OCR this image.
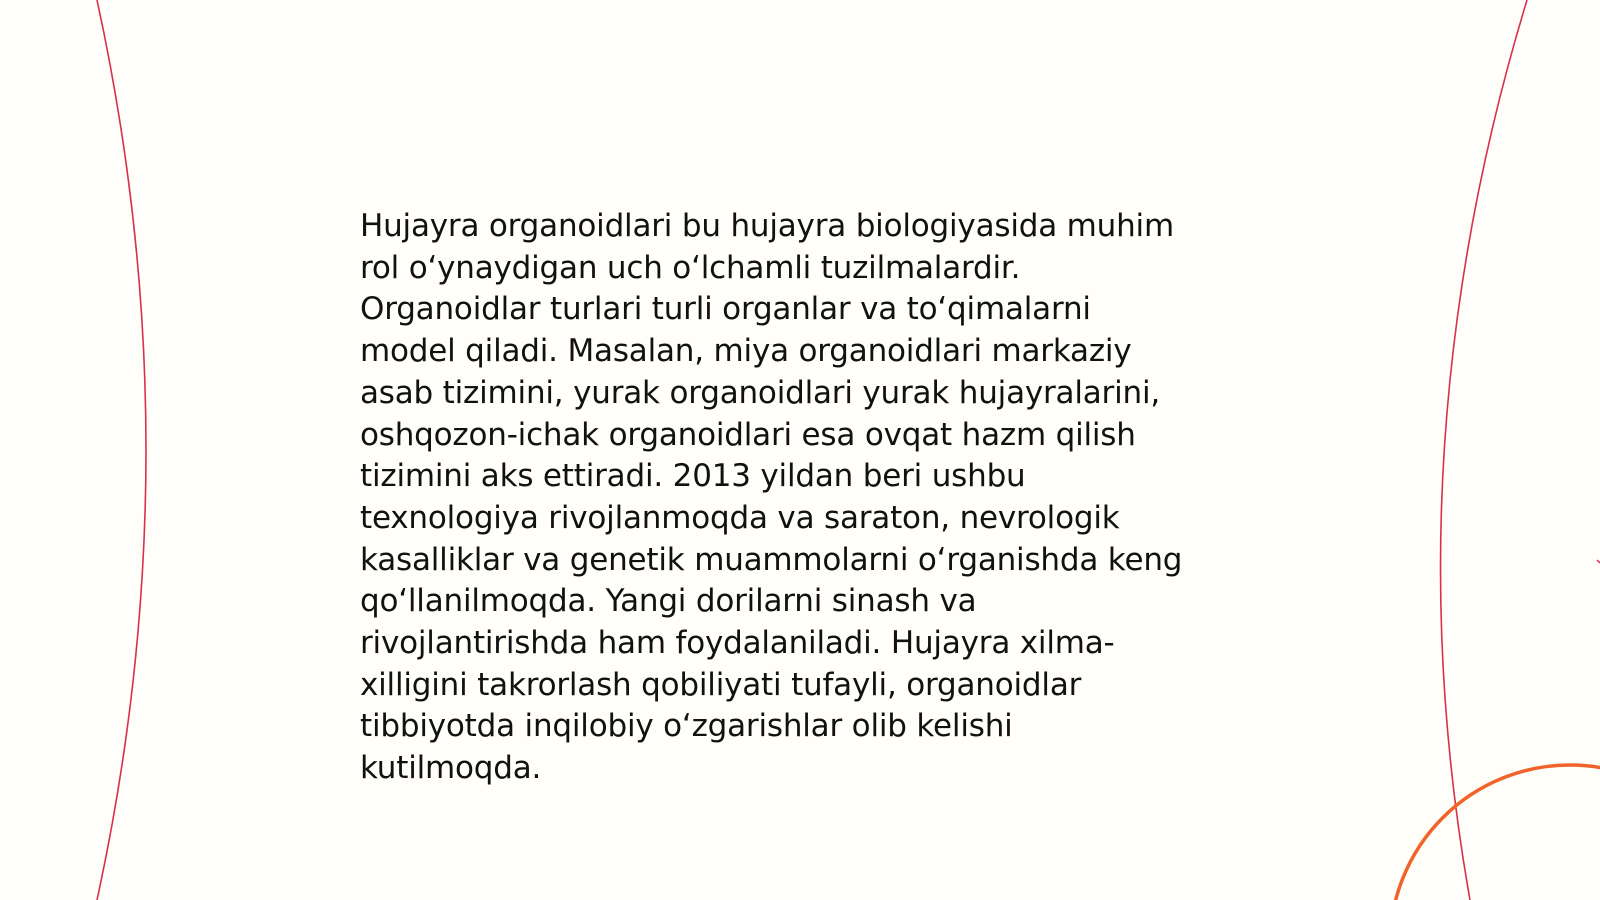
Hujayra organoidlari bu hujayra biologiyasida muhim
rol o‘ynaydigan uch o‘lchamli tuzilmalardir.
Organoidlar turlari turli organlar va to‘qimalarni
model qiladi. Masalan, miya organoidlari markaziy
asab tizimini, yurak organoidlari yurak hujayralarini,
oshqozon-ichak organoidlari esa ovqat hazm qilish
tizimini aks ettiradi. 2013 yildan beri ushbu
texnologiya rivojlanmoqda va saraton, nevrologik
kasalliklar va genetik muammolarni o‘rganishda keng
qo‘llanilmoqda. Yangi dorilarni sinash va
rivojlantirishda ham foydalaniladi. Hujayra xilma-
xilligini takrorlash qobiliyati tufayli, organoidlar
tibbiyotda inqilobiy o‘zgarishlar olib kelishi
kutilmoqda.
